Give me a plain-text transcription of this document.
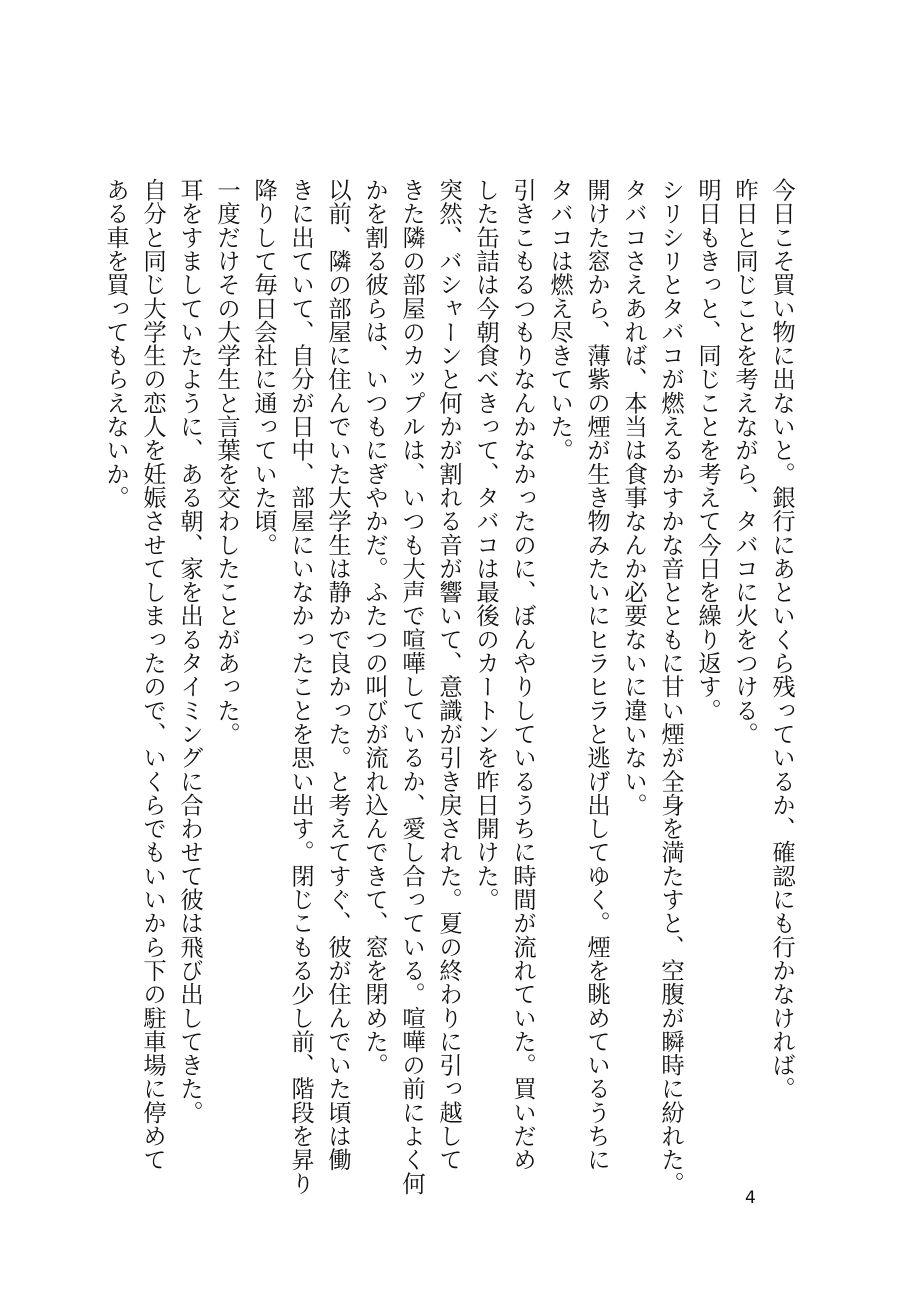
今日こそ買い物に出ないと。銀行にあといくら残っているか、確認にも行かなければ。
昨日と同じことを考えながら、タバコに火をつける。
明日もきっと、同じことを考えて今日を繰り返す。
シリシリとタバコが燃えるかすかな音とともに甘い煙が全身を満たすと、空腹が瞬時に紛れた。
タバコさえあれば、本当は食事なんか必要ないに違いない。
開けた窓から、薄紫の煙が生き物みたいにヒラヒラと逃げ出してゆく。煙を眺めているうちに
タバコは燃え尽きていた。
引きこもるつもりなんかなかったのに、ぼんやりしているうちに時間が流れていた。買いだめ
した缶詰は今朝食べきって、タバコは最後のカートンを昨日開けた。
突然、バシャーンと何かが割れる音が響いて、意識が引き戻された。夏の終わりに引っ越して
きた隣の部屋のカップルは、いつも大声で喧嘩しているか、愛し合っている。喧嘩の前によく何
かを割る彼らは、いつもにぎやかだ。ふたつの叫びが流れ込んできて、窓を閉めた。
以前、隣の部屋に住んでいた大学生は静かで良かった。と考えてすぐ、彼が住んでいた頃は働
きに出ていて、自分が日中、部屋にいなかったことを思い出す。閉じこもる少し前、階段を昇り
降りして毎日会社に通っていた頃。
一度だけその大学生と言葉を交わしたことがあった。
耳をすましていたように、ある朝、家を出るタイミングに合わせて彼は飛び出してきた。
自分と同じ大学生の恋人を妊娠させてしまったので、いくらでもいいから下の駐車場に停めて
ある車を買ってもらえないか。
4
